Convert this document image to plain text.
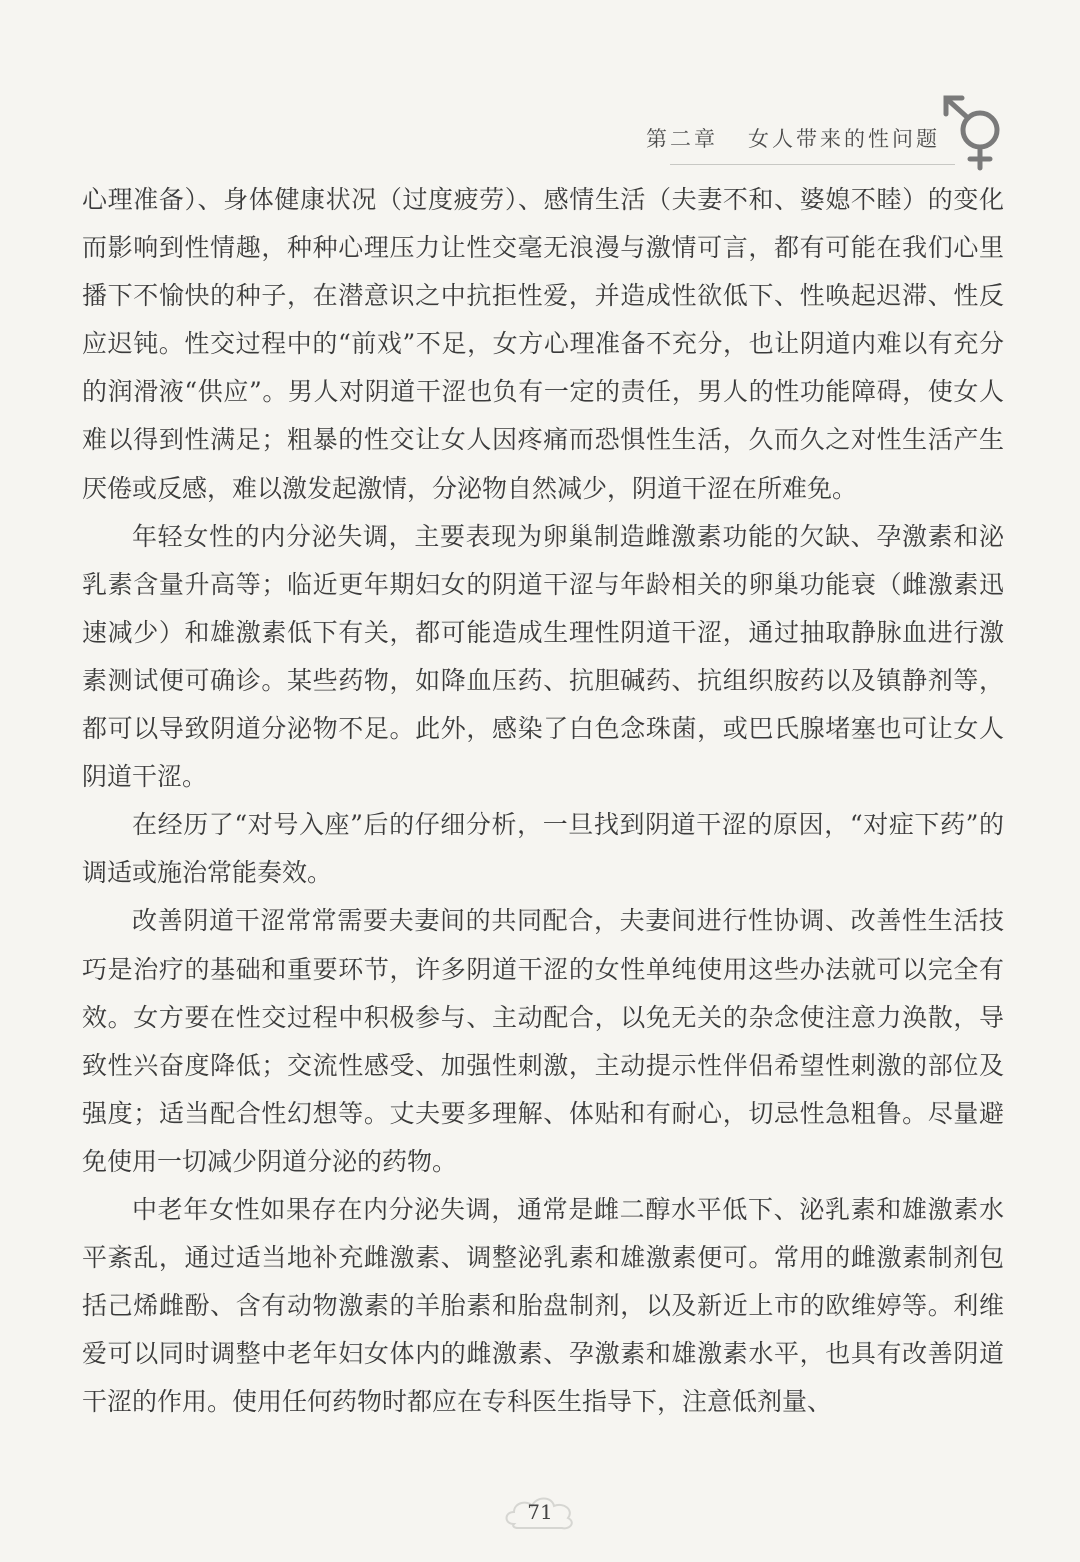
第二章 女人带来的性问题

心理准备）、身体健康状况（过度疲劳）、感情生活（夫妻不和、婆媳不睦）的变化而影响到性情趣，种种心理压力让性交毫无浪漫与激情可言，都有可能在我们心里播下不愉快的种子，在潜意识之中抗拒性爱，并造成性欲低下、性唤起迟滞、性反应迟钝。性交过程中的“前戏”不足，女方心理准备不充分，也让阴道内难以有充分的润滑液“供应”。男人对阴道干涩也负有一定的责任，男人的性功能障碍，使女人难以得到性满足；粗暴的性交让女人因疼痛而恐惧性生活，久而久之对性生活产生厌倦或反感，难以激发起激情，分泌物自然减少，阴道干涩在所难免。

年轻女性的内分泌失调，主要表现为卵巢制造雌激素功能的欠缺、孕激素和泌乳素含量升高等；临近更年期妇女的阴道干涩与年龄相关的卵巢功能衰（雌激素迅速减少）和雄激素低下有关，都可能造成生理性阴道干涩，通过抽取静脉血进行激素测试便可确诊。某些药物，如降血压药、抗胆碱药、抗组织胺药以及镇静剂等，都可以导致阴道分泌物不足。此外，感染了白色念珠菌，或巴氏腺堵塞也可让女人阴道干涩。

在经历了“对号入座”后的仔细分析，一旦找到阴道干涩的原因，“对症下药”的调适或施治常能奏效。

改善阴道干涩常常需要夫妻间的共同配合，夫妻间进行性协调、改善性生活技巧是治疗的基础和重要环节，许多阴道干涩的女性单纯使用这些办法就可以完全有效。女方要在性交过程中积极参与、主动配合，以免无关的杂念使注意力涣散，导致性兴奋度降低；交流性感受、加强性刺激，主动提示性伴侣希望性刺激的部位及强度；适当配合性幻想等。丈夫要多理解、体贴和有耐心，切忌性急粗鲁。尽量避免使用一切减少阴道分泌的药物。

中老年女性如果存在内分泌失调，通常是雌二醇水平低下、泌乳素和雄激素水平紊乱，通过适当地补充雌激素、调整泌乳素和雄激素便可。常用的雌激素制剂包括己烯雌酚、含有动物激素的羊胎素和胎盘制剂，以及新近上市的欧维婷等。利维爱可以同时调整中老年妇女体内的雌激素、孕激素和雄激素水平，也具有改善阴道干涩的作用。使用任何药物时都应在专科医生指导下，注意低剂量、

71
